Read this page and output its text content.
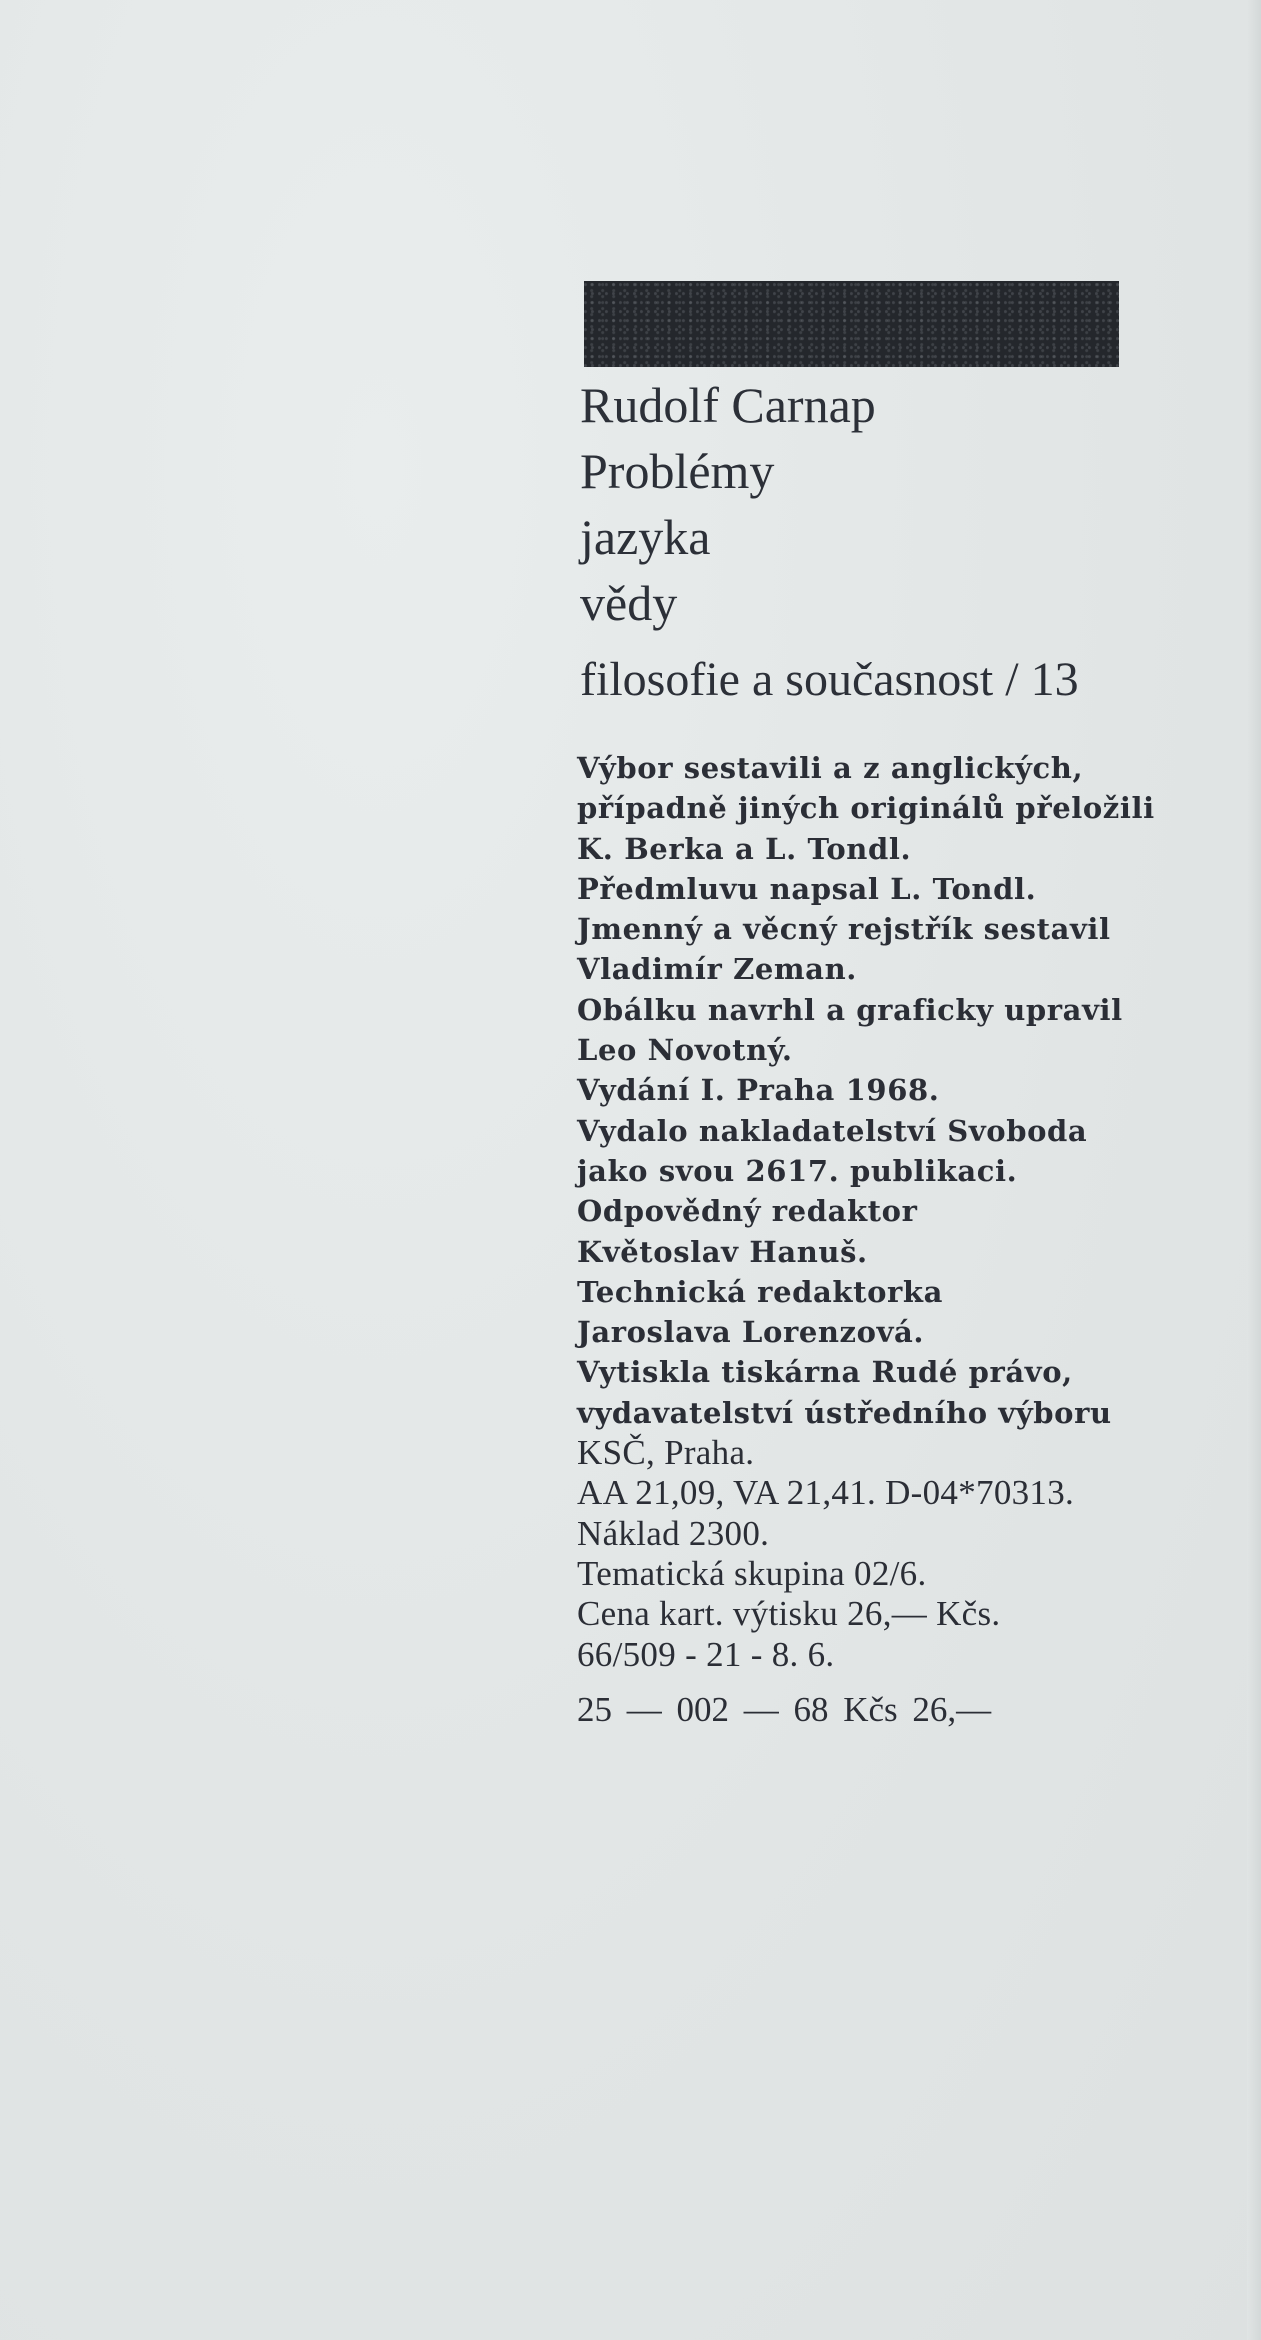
Rudolf Carnap
Problémy
jazyka
vědy
filosofie a současnost / 13
Výbor sestavili a z anglických,
případně jiných originálů přeložili
K. Berka a L. Tondl.
Předmluvu napsal L. Tondl.
Jmenný a věcný rejstřík sestavil
Vladimír Zeman.
Obálku navrhl a graficky upravil
Leo Novotný.
Vydání I. Praha 1968.
Vydalo nakladatelství Svoboda
jako svou 2617. publikaci.
Odpovědný redaktor
Květoslav Hanuš.
Technická redaktorka
Jaroslava Lorenzová.
Vytiskla tiskárna Rudé právo,
vydavatelství ústředního výboru
KSČ, Praha.
AA 21,09, VA 21,41. D-04*70313.
Náklad 2300.
Tematická skupina 02/6.
Cena kart. výtisku 26,— Kčs.
66/509 - 21 - 8. 6.
25 — 002 — 68 Kčs 26,—
